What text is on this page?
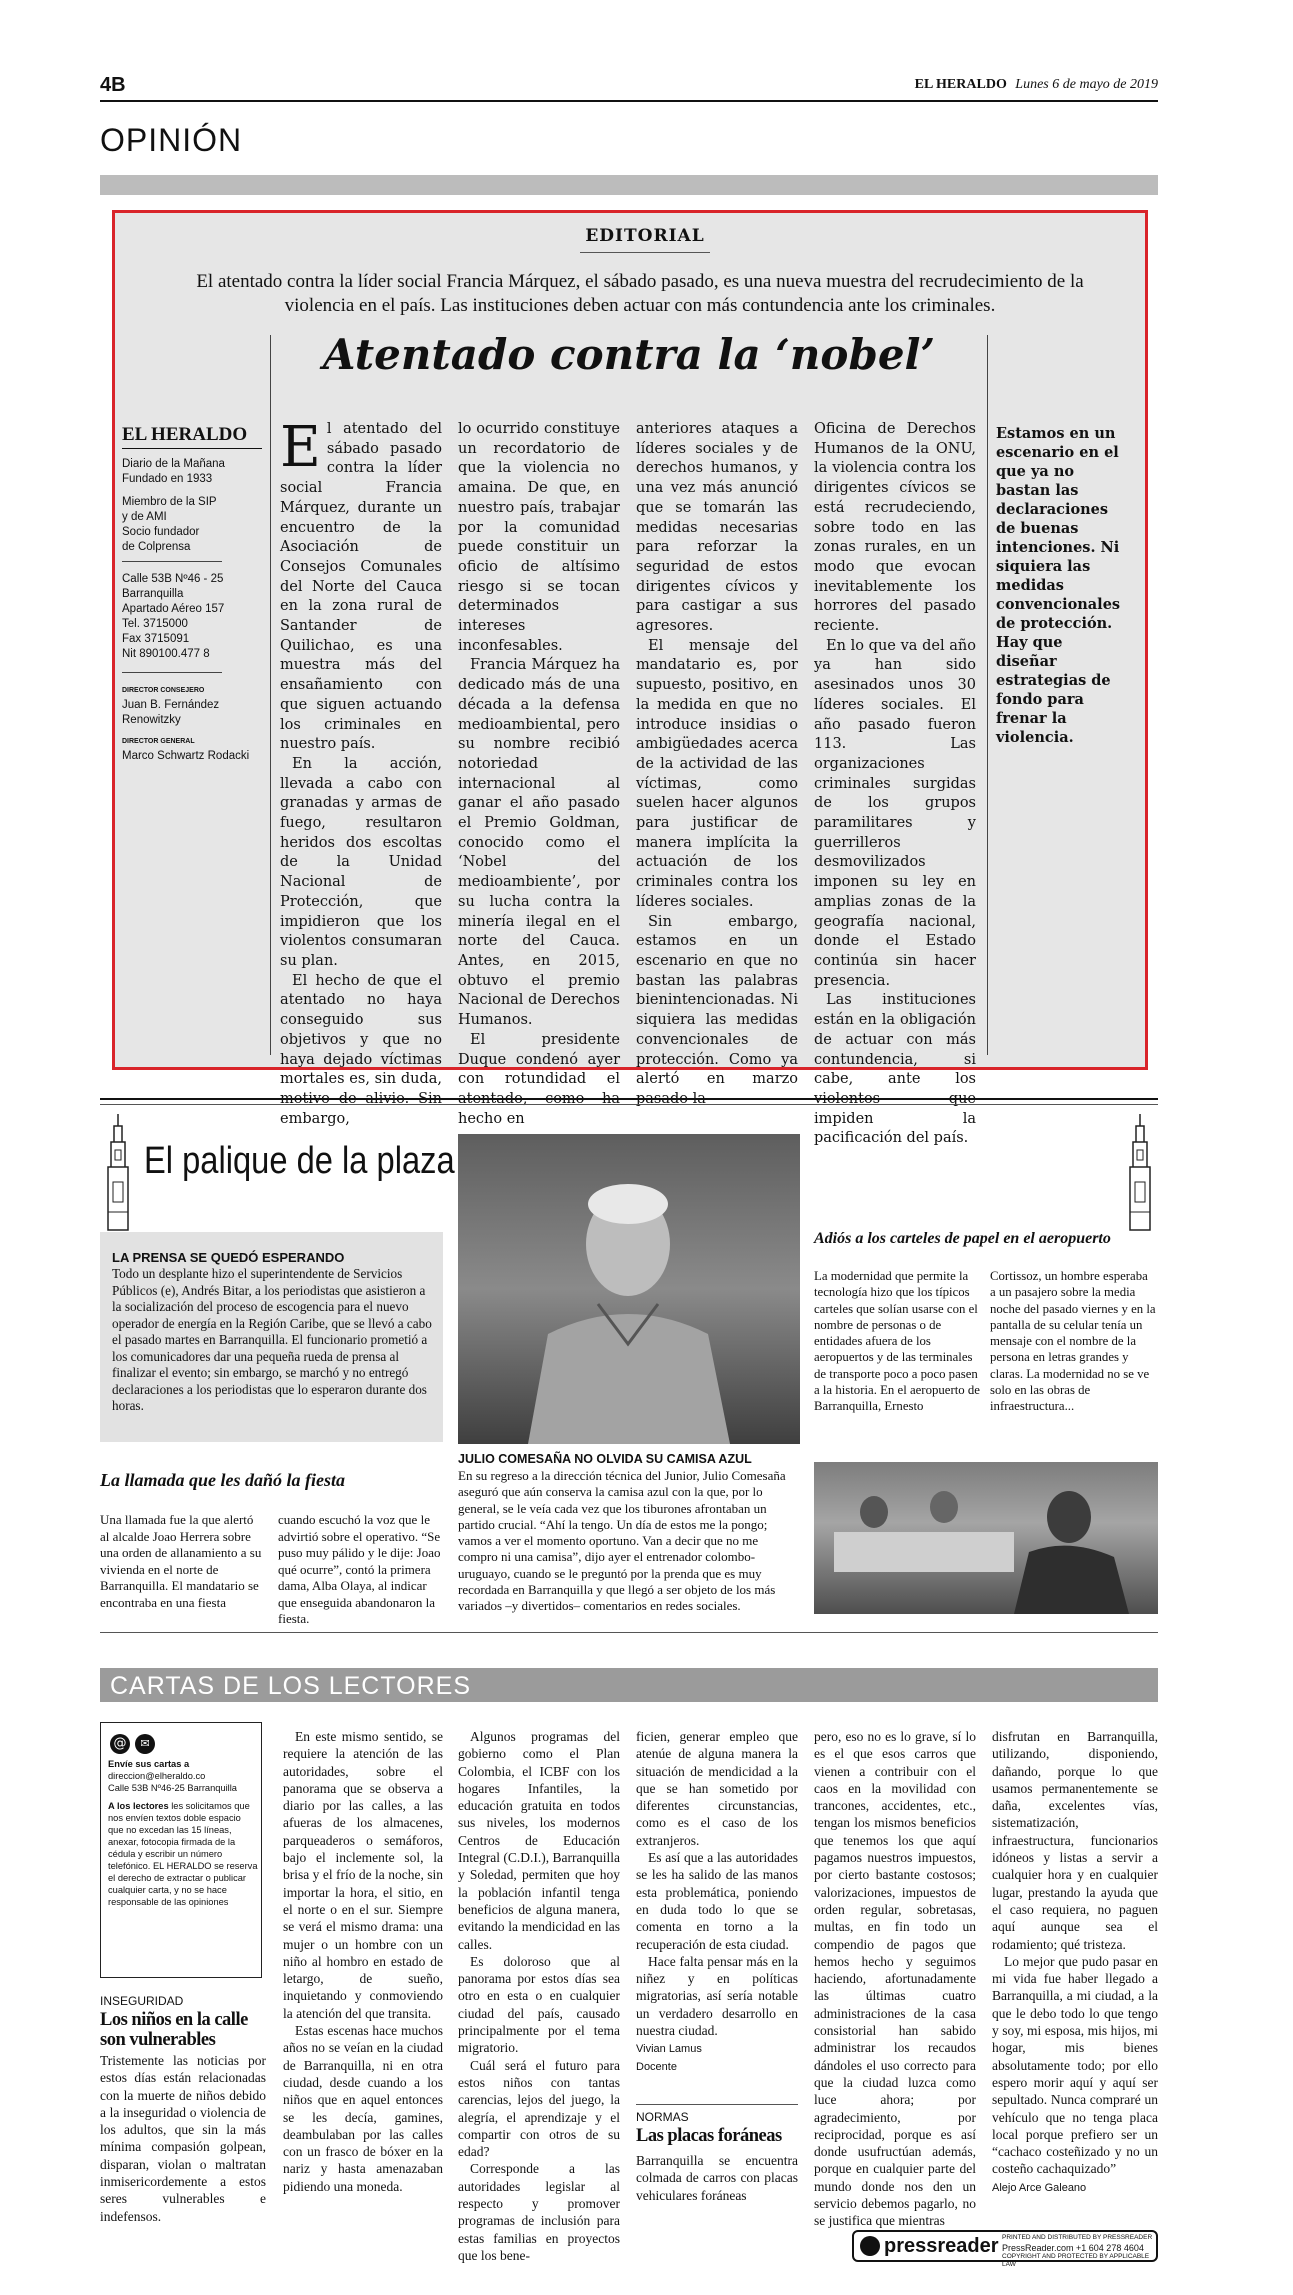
4B	EL HERALDO Lunes 6 de mayo de 2019
OPINIÓN
EDITORIAL
El atentado contra la líder social Francia Márquez, el sábado pasado, es una nueva muestra del recrudecimiento de la violencia en el país. Las instituciones deben actuar con más contundencia ante los criminales.
Atentado contra la ‘nobel’
EL HERALDO
Diario de la Mañana
Fundado en 1933
Miembro de la SIP
y de AMI
Socio fundador
de Colprensa
Calle 53B Nº46 - 25
Barranquilla
Apartado Aéreo 157
Tel. 3715000
Fax 3715091
Nit 890100.477 8
DIRECTOR CONSEJERO
Juan B. Fernández Renowitzky
DIRECTOR GENERAL
Marco Schwartz Rodacki
E l atentado del sábado pasado contra la líder social Francia Márquez, durante un encuentro de la Asociación de Consejos Comunales del Norte del Cauca en la zona rural de Santander de Quilichao, es una muestra más del ensañamiento con que siguen actuando los criminales en nuestro país.

En la acción, llevada a cabo con granadas y armas de fuego, resultaron heridos dos escoltas de la Unidad Nacional de Protección, que impidieron que los violentos consumaran su plan.

El hecho de que el atentado no haya conseguido sus objetivos y que no haya dejado víctimas mortales es, sin duda, motivo de alivio. Sin embargo,

lo ocurrido constituye un recordatorio de que la violencia no amaina. De que, en nuestro país, trabajar por la comunidad puede constituir un oficio de altísimo riesgo si se tocan determinados intereses inconfesables.

Francia Márquez ha dedicado más de una década a la defensa medioambiental, pero su nombre recibió notoriedad internacional al ganar el año pasado el Premio Goldman, conocido como el ‘Nobel del medioambiente’, por su lucha contra la minería ilegal en el norte del Cauca. Antes, en 2015, obtuvo el premio Nacional de Derechos Humanos.

El presidente Duque condenó ayer con rotundidad el atentado, como ha hecho en

anteriores ataques a líderes sociales y de derechos humanos, y una vez más anunció que se tomarán las medidas necesarias para reforzar la seguridad de estos dirigentes cívicos y para castigar a sus agresores.

El mensaje del mandatario es, por supuesto, positivo, en la medida en que no introduce insidias o ambigüedades acerca de la actividad de las víctimas, como suelen hacer algunos para justificar de manera implícita la actuación de los criminales contra los líderes sociales.

Sin embargo, estamos en un escenario en que no bastan las palabras bienintencionadas. Ni siquiera las medidas convencionales de protección. Como ya alertó en marzo pasado la

Oficina de Derechos Humanos de la ONU, la violencia contra los dirigentes cívicos se está recrudeciendo, sobre todo en las zonas rurales, en un modo que evocan inevitablemente los horrores del pasado reciente.

En lo que va del año ya han sido asesinados unos 30 líderes sociales. El año pasado fueron 113. Las organizaciones criminales surgidas de los grupos paramilitares y guerrilleros desmovilizados imponen su ley en amplias zonas de la geografía nacional, donde el Estado continúa sin hacer presencia.

Las instituciones están en la obligación de actuar con más contundencia, si cabe, ante los violentos que impiden la pacificación del país.

Estamos en un escenario en el que ya no bastan las declaraciones de buenas intenciones. Ni siquiera las medidas convencionales de protección. Hay que diseñar estrategias de fondo para frenar la violencia.
El palique de la plaza
LA PRENSA SE QUEDÓ ESPERANDO
Todo un desplante hizo el superintendente de Servicios Públicos (e), Andrés Bitar, a los periodistas que asistieron a la socialización del proceso de escogencia para el nuevo operador de energía en la Región Caribe, que se llevó a cabo el pasado martes en Barranquilla. El funcionario prometió a los comunicadores dar una pequeña rueda de prensa al finalizar el evento; sin embargo, se marchó y no entregó declaraciones a los periodistas que lo esperaron durante dos horas.
La llamada que les dañó la fiesta
Una llamada fue la que alertó al alcalde Joao Herrera sobre una orden de allanamiento a su vivienda en el norte de Barranquilla. El mandatario se encontraba en una fiesta
cuando escuchó la voz que le advirtió sobre el operativo. “Se puso muy pálido y le dije: Joao qué ocurre”, contó la primera dama, Alba Olaya, al indicar que enseguida abandonaron la fiesta.
JULIO COMESAÑA NO OLVIDA SU CAMISA AZUL
En su regreso a la dirección técnica del Junior, Julio Comesaña aseguró que aún conserva la camisa azul con la que, por lo general, se le veía cada vez que los tiburones afrontaban un partido crucial. “Ahí la tengo. Un día de estos me la pongo; vamos a ver el momento oportuno. Van a decir que no me compro ni una camisa”, dijo ayer el entrenador colombo-uruguayo, cuando se le preguntó por la prenda que es muy recordada en Barranquilla y que llegó a ser objeto de los más variados –y divertidos– comentarios en redes sociales.
Adiós a los carteles de papel en el aeropuerto
La modernidad que permite la tecnología hizo que los típicos carteles que solían usarse con el nombre de personas o de entidades afuera de los aeropuertos y de las terminales de transporte poco a poco pasen a la historia. En el aeropuerto de Barranquilla, Ernesto
Cortissoz, un hombre esperaba a un pasajero sobre la media noche del pasado viernes y en la pantalla de su celular tenía un mensaje con el nombre de la persona en letras grandes y claras. La modernidad no se ve solo en las obras de infraestructura...
CARTAS DE LOS LECTORES
@ ✉
Envíe sus cartas a
direccion@elheraldo.co
Calle 53B Nº46-25 Barranquilla
A los lectores les solicitamos que nos envíen textos doble espacio que no excedan las 15 líneas, anexar, fotocopia firmada de la cédula y escribir un número telefónico. EL HERALDO se reserva el derecho de extractar o publicar cualquier carta, y no se hace responsable de las opiniones
INSEGURIDAD
Los niños en la calle son vulnerables
Tristemente las noticias por estos días están relacionadas con la muerte de niños debido a la inseguridad o violencia de los adultos, que sin la más mínima compasión golpean, disparan, violan o maltratan inmisericordemente a estos seres vulnerables e indefensos.

En este mismo sentido, se requiere la atención de las autoridades, sobre el panorama que se observa a diario por las calles, a las afueras de los almacenes, parqueaderos o semáforos, bajo el inclemente sol, la brisa y el frío de la noche, sin importar la hora, el sitio, en el norte o en el sur. Siempre se verá el mismo drama: una mujer o un hombre con un niño al hombro en estado de letargo, de sueño, inquietando y conmoviendo la atención del que transita.

Estas escenas hace muchos años no se veían en la ciudad de Barranquilla, ni en otra ciudad, desde cuando a los niños que en aquel entonces se les decía, gamines, deambulaban por las calles con un frasco de bóxer en la nariz y hasta amenazaban pidiendo una moneda.

Algunos programas del gobierno como el Plan Colombia, el ICBF con los hogares Infantiles, la educación gratuita en todos sus niveles, los modernos Centros de Educación Integral (C.D.I.), Barranquilla y Soledad, permiten que hoy la población infantil tenga beneficios de alguna manera, evitando la mendicidad en las calles.

Es doloroso que al panorama por estos días sea otro en esta o en cualquier ciudad del país, causado principalmente por el tema migratorio.

Cuál será el futuro para estos niños con tantas carencias, lejos del juego, la alegría, el aprendizaje y el compartir con otros de su edad?

Corresponde a las autoridades legislar al respecto y promover programas de inclusión para estas familias en proyectos que los bene-

ficien, generar empleo que atenúe de alguna manera la situación de mendicidad a la que se han sometido por diferentes circunstancias, como es el caso de los extranjeros.

Es así que a las autoridades se les ha salido de las manos esta problemática, poniendo en duda todo lo que se comenta en torno a la recuperación de esta ciudad.

Hace falta pensar más en la niñez y en políticas migratorias, así sería notable un verdadero desarrollo en nuestra ciudad.

Vivian Lamus
Docente
NORMAS
Las placas foráneas
Barranquilla se encuentra colmada de carros con placas vehiculares foráneas
pero, eso no es lo grave, sí lo es el que esos carros que vienen a contribuir con el caos en la movilidad con trancones, accidentes, etc., tengan los mismos beneficios que tenemos los que aquí pagamos nuestros impuestos, por cierto bastante costosos; valorizaciones, impuestos de orden regular, sobretasas, multas, en fin todo un compendio de pagos que hemos hecho y seguimos haciendo, afortunadamente las últimas cuatro administraciones de la casa consistorial han sabido administrar los recaudos dándoles el uso correcto para que la ciudad luzca como luce ahora; por agradecimiento, por reciprocidad, porque es así donde usufructúan además, porque en cualquier parte del mundo donde nos den un servicio debemos pagarlo, no se justifica que mientras

disfrutan en Barranquilla, utilizando, disponiendo, dañando, porque lo que usamos permanentemente se daña, excelentes vías, sistematización, infraestructura, funcionarios idóneos y listas a servir a cualquier hora y en cualquier lugar, prestando la ayuda que el caso requiera, no paguen aquí aunque sea el rodamiento; qué tristeza.

Lo mejor que pudo pasar en mi vida fue haber llegado a Barranquilla, a mi ciudad, a la que le debo todo lo que tengo y soy, mi esposa, mis hijos, mi hogar, mis bienes absolutamente todo; por ello espero morir aquí y aquí ser sepultado. Nunca compraré un vehículo que no tenga placa local porque prefiero ser un “cachaco costeñizado y no un costeño cachaquizado”

Alejo Arce Galeano
pressreader PRINTED AND DISTRIBUTED BY PRESSREADER
PressReader.com +1 604 278 4604
COPYRIGHT AND PROTECTED BY APPLICABLE LAW
